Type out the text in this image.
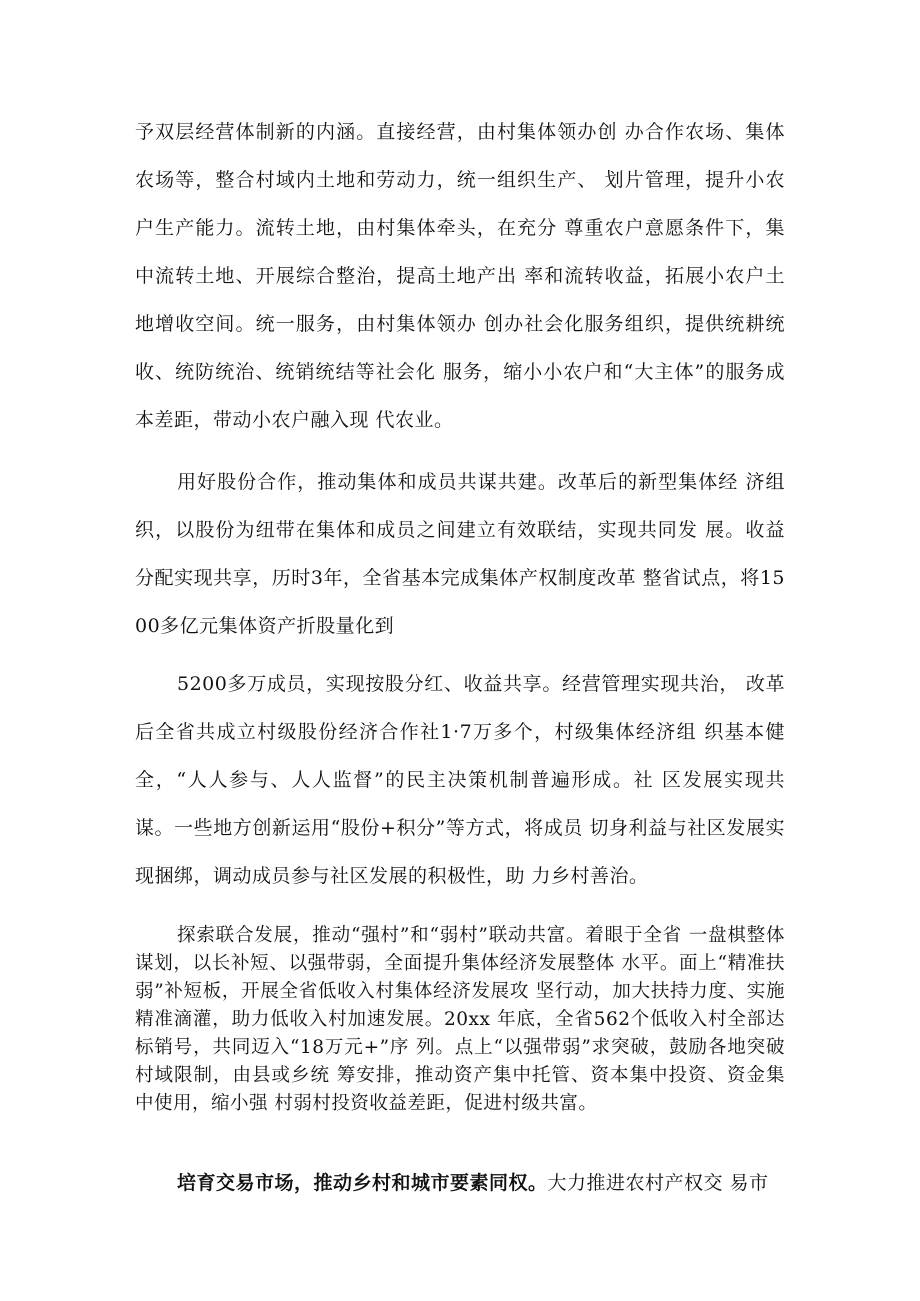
予双层经营体制新的内涵。直接经营，由村集体领办创 办合作农场、集体农场等，整合村域内土地和劳动力，统一组织生产、 划片管理，提升小农户生产能力。流转土地，由村集体牵头，在充分 尊重农户意愿条件下，集中流转土地、开展综合整治，提高土地产出 率和流转收益，拓展小农户土地增收空间。统一服务，由村集体领办 创办社会化服务组织，提供统耕统收、统防统治、统销统结等社会化 服务，缩小小农户和“大主体”的服务成本差距，带动小农户融入现 代农业。

用好股份合作，推动集体和成员共谋共建。改革后的新型集体经 济组织，以股份为纽带在集体和成员之间建立有效联结，实现共同发 展。收益分配实现共享，历时3年，全省基本完成集体产权制度改革 整省试点，将1500多亿元集体资产折股量化到

5200多万成员，实现按股分红、收益共享。经营管理实现共治， 改革后全省共成立村级股份经济合作社1·7万多个，村级集体经济组 织基本健全，“人人参与、人人监督”的民主决策机制普遍形成。社 区发展实现共谋。一些地方创新运用“股份+积分”等方式，将成员 切身利益与社区发展实现捆绑，调动成员参与社区发展的积极性，助 力乡村善治。

探索联合发展，推动“强村”和“弱村”联动共富。着眼于全省 一盘棋整体谋划，以长补短、以强带弱，全面提升集体经济发展整体 水平。面上“精准扶弱”补短板，开展全省低收入村集体经济发展攻 坚行动，加大扶持力度、实施精准滴灌，助力低收入村加速发展。20xx 年底，全省562个低收入村全部达标销号，共同迈入“18万元+”序 列。点上“以强带弱”求突破，鼓励各地突破村域限制，由县或乡统 筹安排，推动资产集中托管、资本集中投资、资金集中使用，缩小强 村弱村投资收益差距，促进村级共富。

培育交易市场，推动乡村和城市要素同权。大力推进农村产权交 易市
